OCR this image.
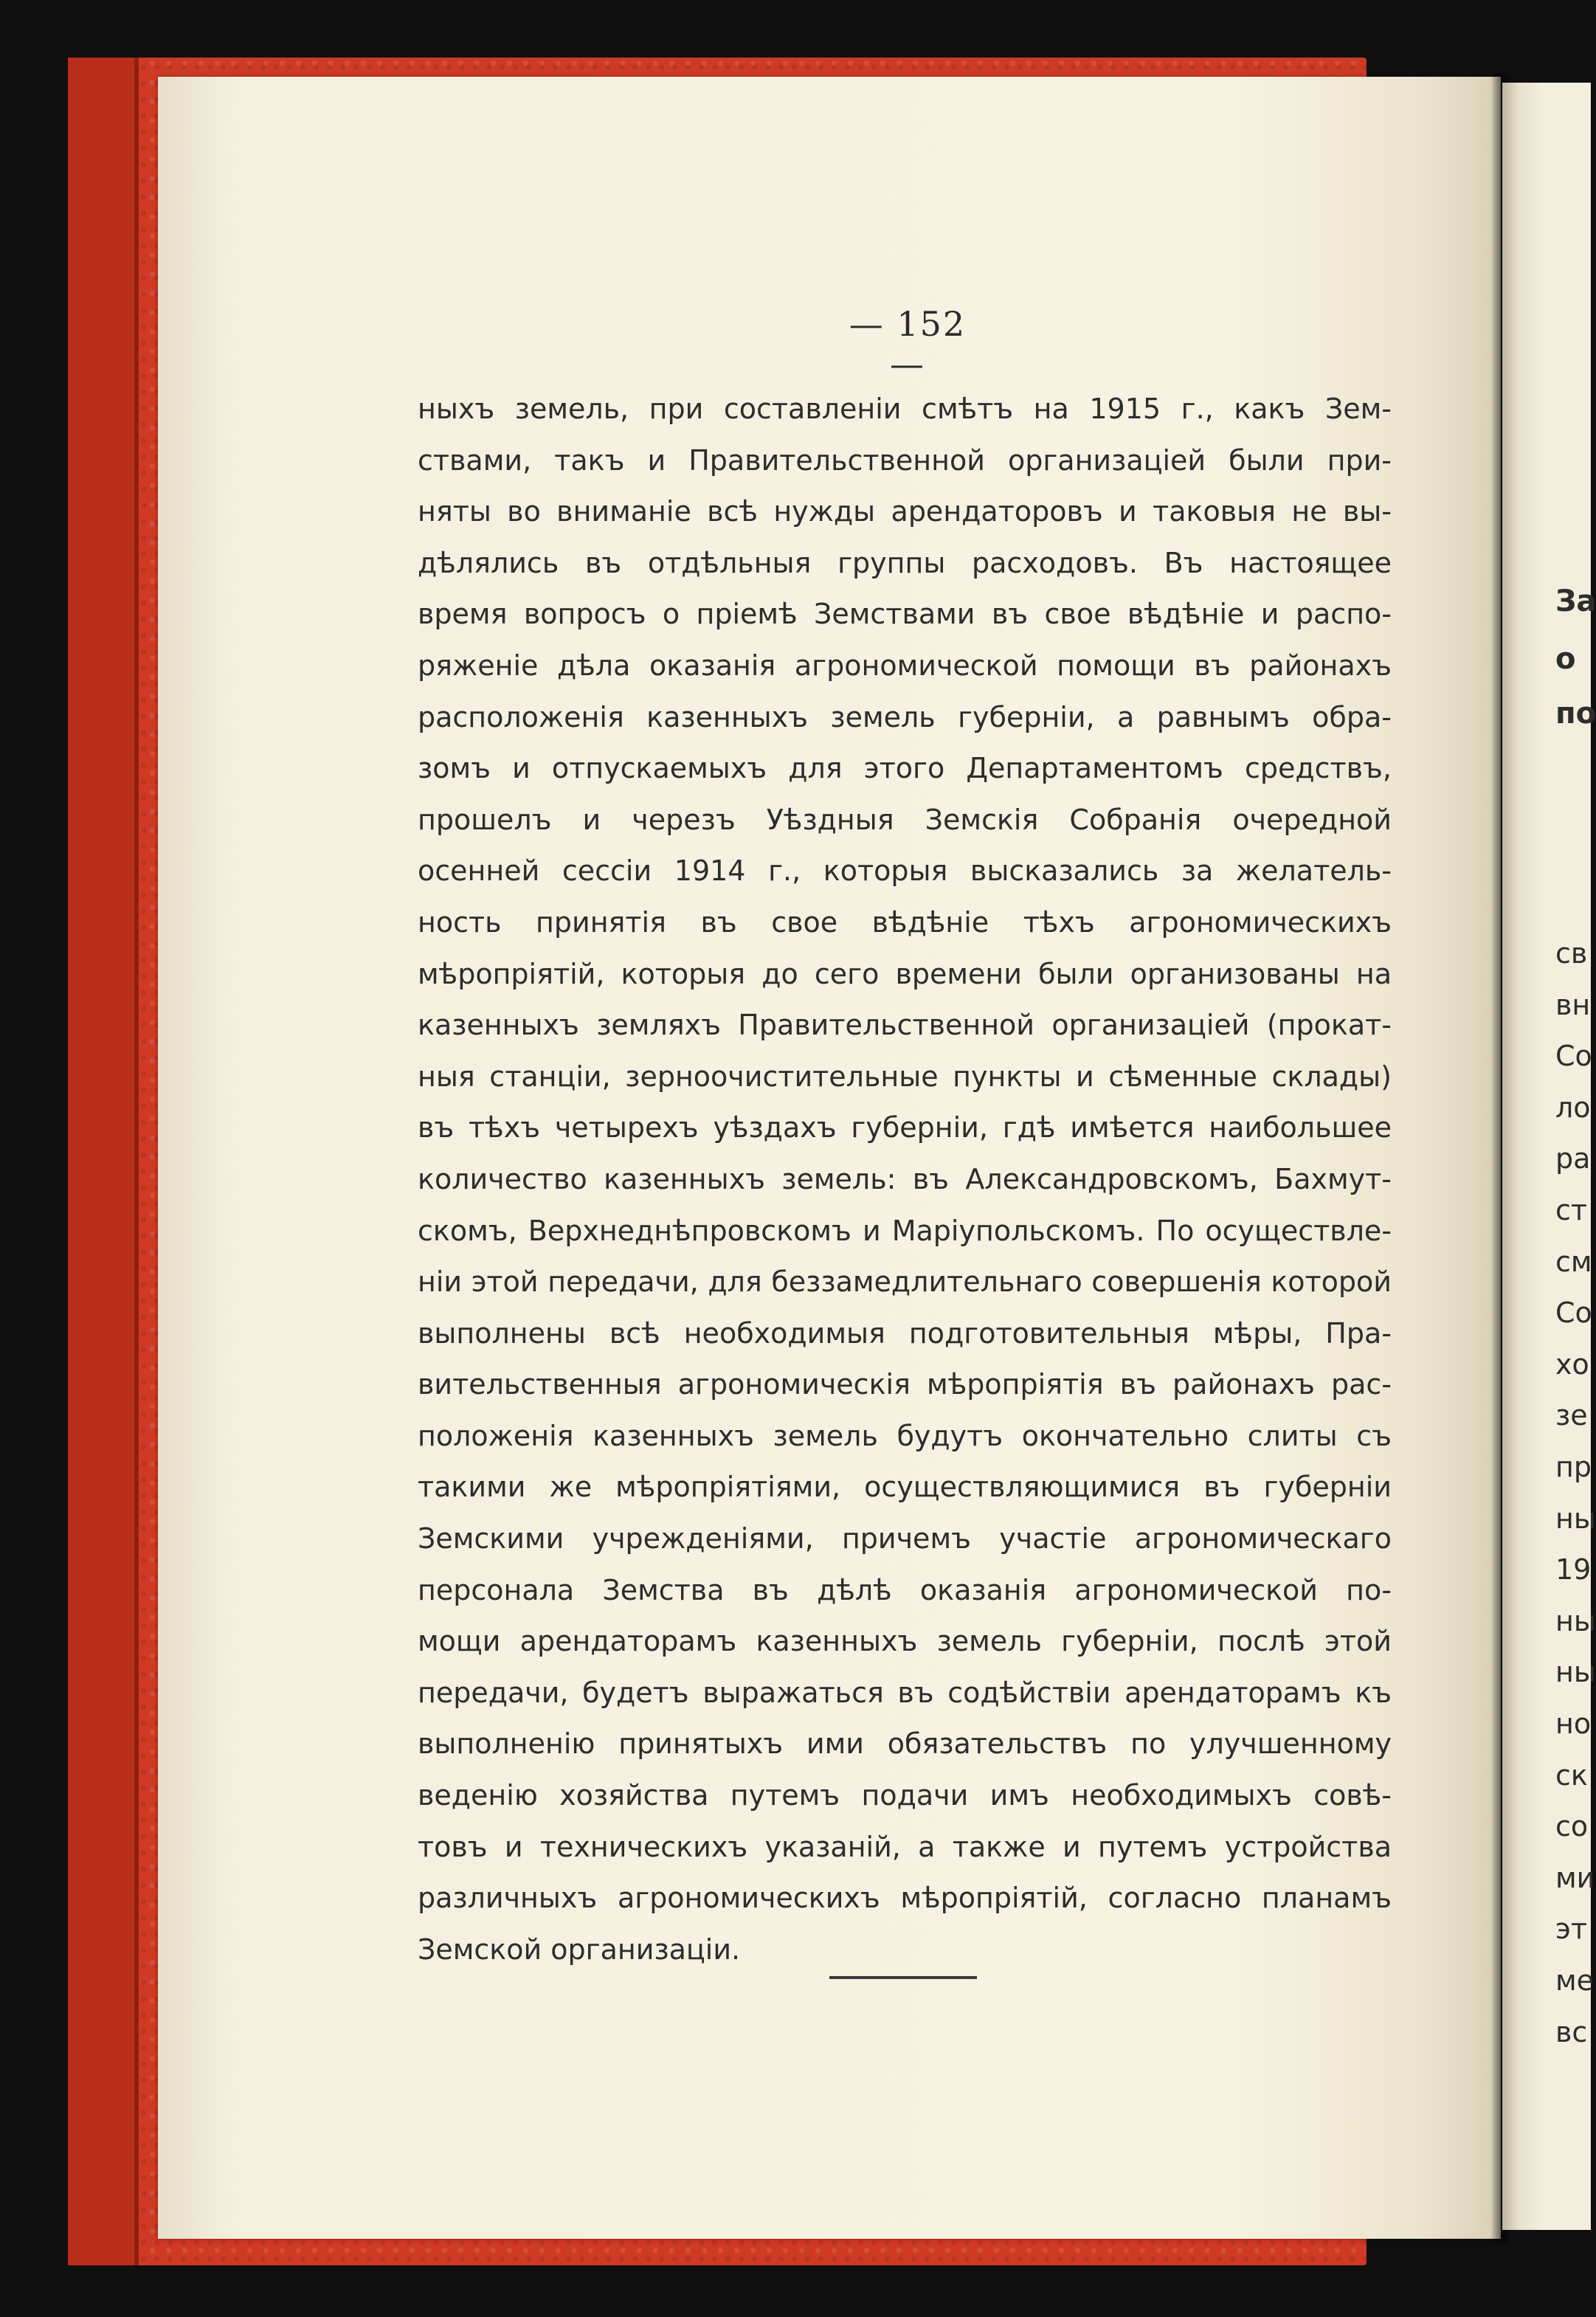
— 152 —
ныхъ земель, при составленіи смѣтъ на 1915 г., какъ Зем-
ствами, такъ и Правительственной организаціей были при-
няты во вниманіе всѣ нужды арендаторовъ и таковыя не вы-
дѣлялись въ отдѣльныя группы расходовъ. Въ настоящее
время вопросъ о пріемѣ Земствами въ свое вѣдѣніе и распо-
ряженіе дѣла оказанія агрономической помощи въ районахъ
расположенія казенныхъ земель губерніи, а равнымъ обра-
зомъ и отпускаемыхъ для этого Департаментомъ средствъ,
прошелъ и черезъ Уѣздныя Земскія Собранія очередной
осенней сессіи 1914 г., которыя высказались за желатель-
ность принятія въ свое вѣдѣніе тѣхъ агрономическихъ
мѣропріятій, которыя до сего времени были организованы на
казенныхъ земляхъ Правительственной организаціей (прокат-
ныя станціи, зерноочистительные пункты и сѣменные склады)
въ тѣхъ четырехъ уѣздахъ губерніи, гдѣ имѣется наибольшее
количество казенныхъ земель: въ Александровскомъ, Бахмут-
скомъ, Верхнеднѣпровскомъ и Маріупольскомъ. По осуществле-
ніи этой передачи, для беззамедлительнаго совершенія которой
выполнены всѣ необходимыя подготовительныя мѣры, Пра-
вительственныя агрономическія мѣропріятія въ районахъ рас-
положенія казенныхъ земель будутъ окончательно слиты съ
такими же мѣропріятіями, осуществляющимися въ губерніи
Земскими учрежденіями, причемъ участіе агрономическаго
персонала Земства въ дѣлѣ оказанія агрономической по-
мощи арендаторамъ казенныхъ земель губерніи, послѣ этой
передачи, будетъ выражаться въ содѣйствіи арендаторамъ къ
выполненію принятыхъ ими обязательствъ по улучшенному
веденію хозяйства путемъ подачи имъ необходимыхъ совѣ-
товъ и техническихъ указаній, а также и путемъ устройства
различныхъ агрономическихъ мѣропріятій, согласно планамъ
Земской организаціи.
За
о
по
св
вн
Со
ло
ра
ст
см
Со
хо
зе
пр
ны
19
ны
ны
но
ск
со
ми
эт
ме
вс
